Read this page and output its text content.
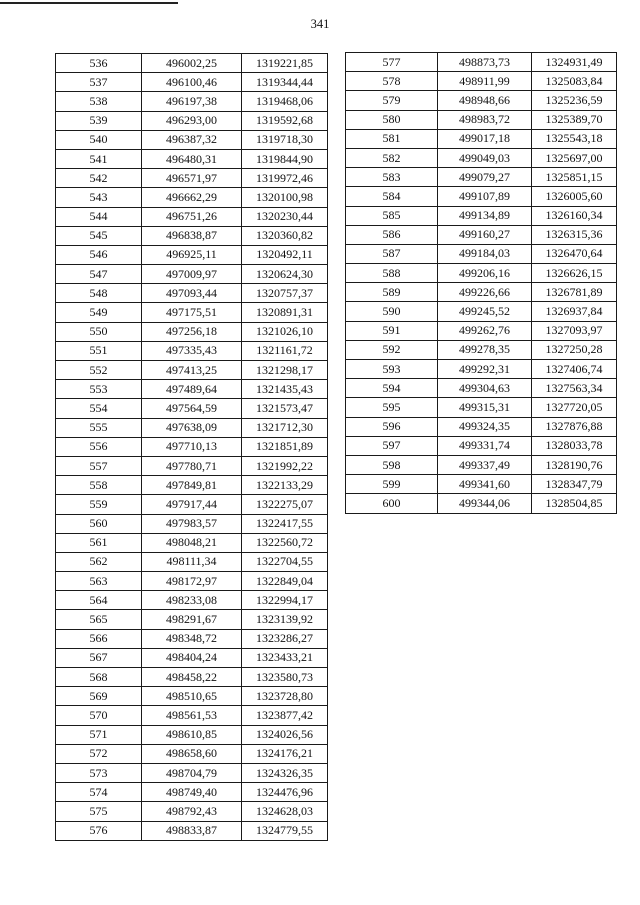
341
536	496002,25	1319221,85
537	496100,46	1319344,44
538	496197,38	1319468,06
539	496293,00	1319592,68
540	496387,32	1319718,30
541	496480,31	1319844,90
542	496571,97	1319972,46
543	496662,29	1320100,98
544	496751,26	1320230,44
545	496838,87	1320360,82
546	496925,11	1320492,11
547	497009,97	1320624,30
548	497093,44	1320757,37
549	497175,51	1320891,31
550	497256,18	1321026,10
551	497335,43	1321161,72
552	497413,25	1321298,17
553	497489,64	1321435,43
554	497564,59	1321573,47
555	497638,09	1321712,30
556	497710,13	1321851,89
557	497780,71	1321992,22
558	497849,81	1322133,29
559	497917,44	1322275,07
560	497983,57	1322417,55
561	498048,21	1322560,72
562	498111,34	1322704,55
563	498172,97	1322849,04
564	498233,08	1322994,17
565	498291,67	1323139,92
566	498348,72	1323286,27
567	498404,24	1323433,21
568	498458,22	1323580,73
569	498510,65	1323728,80
570	498561,53	1323877,42
571	498610,85	1324026,56
572	498658,60	1324176,21
573	498704,79	1324326,35
574	498749,40	1324476,96
575	498792,43	1324628,03
576	498833,87	1324779,55
577	498873,73	1324931,49
578	498911,99	1325083,84
579	498948,66	1325236,59
580	498983,72	1325389,70
581	499017,18	1325543,18
582	499049,03	1325697,00
583	499079,27	1325851,15
584	499107,89	1326005,60
585	499134,89	1326160,34
586	499160,27	1326315,36
587	499184,03	1326470,64
588	499206,16	1326626,15
589	499226,66	1326781,89
590	499245,52	1326937,84
591	499262,76	1327093,97
592	499278,35	1327250,28
593	499292,31	1327406,74
594	499304,63	1327563,34
595	499315,31	1327720,05
596	499324,35	1327876,88
597	499331,74	1328033,78
598	499337,49	1328190,76
599	499341,60	1328347,79
600	499344,06	1328504,85
